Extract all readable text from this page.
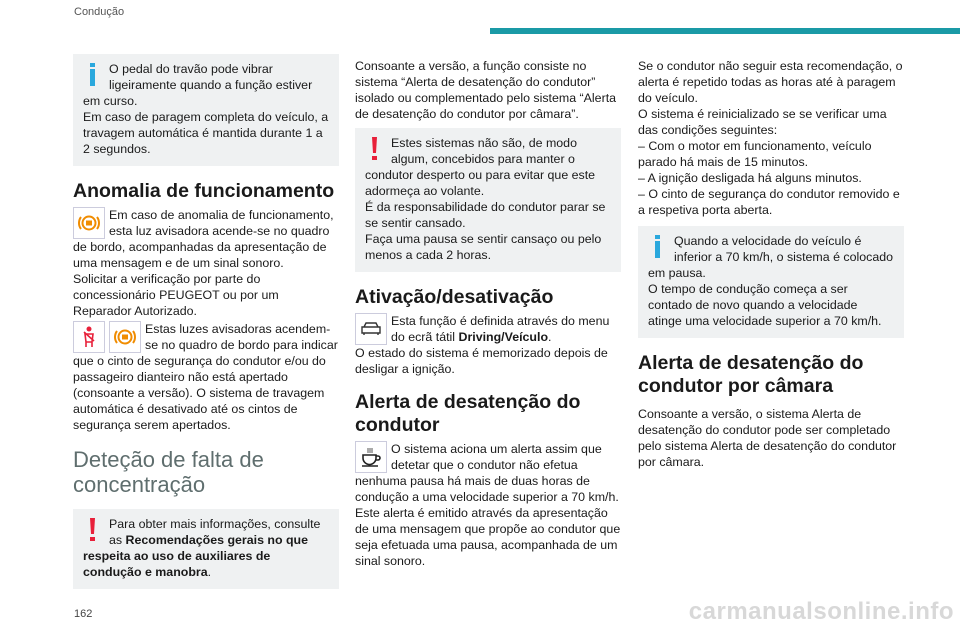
Condução

O pedal do travão pode vibrar ligeiramente quando a função estiver em curso.

Em caso de paragem completa do veículo, a travagem automática é mantida durante 1 a 2 segundos.

Anomalia de funcionamento

Em caso de anomalia de funcionamento, esta luz avisadora acende-se no quadro de bordo, acompanhadas da apresentação de uma mensagem e de um sinal sonoro.

Solicitar a verificação por parte do concessionário PEUGEOT ou por um Reparador Autorizado.

Estas luzes avisadoras acendem-se no quadro de bordo para indicar que o cinto de segurança do condutor e/ou do passageiro dianteiro não está apertado (consoante a versão). O sistema de travagem automática é desativado até os cintos de segurança serem apertados.

Deteção de falta de concentração

Para obter mais informações, consulte as Recomendações gerais no que respeita ao uso de auxiliares de condução e manobra.

Consoante a versão, a função consiste no sistema “Alerta de desatenção do condutor” isolado ou complementado pelo sistema “Alerta de desatenção do condutor por câmara”.

Estes sistemas não são, de modo algum, concebidos para manter o condutor desperto ou para evitar que este adormeça ao volante.

É da responsabilidade do condutor parar se se sentir cansado.

Faça uma pausa se sentir cansaço ou pelo menos a cada 2 horas.

Ativação/desativação

Esta função é definida através do menu do ecrã tátil Driving/Veículo.

O estado do sistema é memorizado depois de desligar a ignição.

Alerta de desatenção do condutor

O sistema aciona um alerta assim que detetar que o condutor não efetua nenhuma pausa há mais de duas horas de condução a uma velocidade superior a 70 km/h.

Este alerta é emitido através da apresentação de uma mensagem que propõe ao condutor que seja efetuada uma pausa, acompanhada de um sinal sonoro.

Se o condutor não seguir esta recomendação, o alerta é repetido todas as horas até à paragem do veículo.

O sistema é reinicializado se se verificar uma das condições seguintes:

– Com o motor em funcionamento, veículo parado há mais de 15 minutos.

– A ignição desligada há alguns minutos.

– O cinto de segurança do condutor removido e a respetiva porta aberta.

Quando a velocidade do veículo é inferior a 70 km/h, o sistema é colocado em pausa.

O tempo de condução começa a ser contado de novo quando a velocidade atinge uma velocidade superior a 70 km/h.

Alerta de desatenção do condutor por câmara

Consoante a versão, o sistema Alerta de desatenção do condutor pode ser completado pelo sistema Alerta de desatenção do condutor por câmara.

162	carmanualsonline.info
